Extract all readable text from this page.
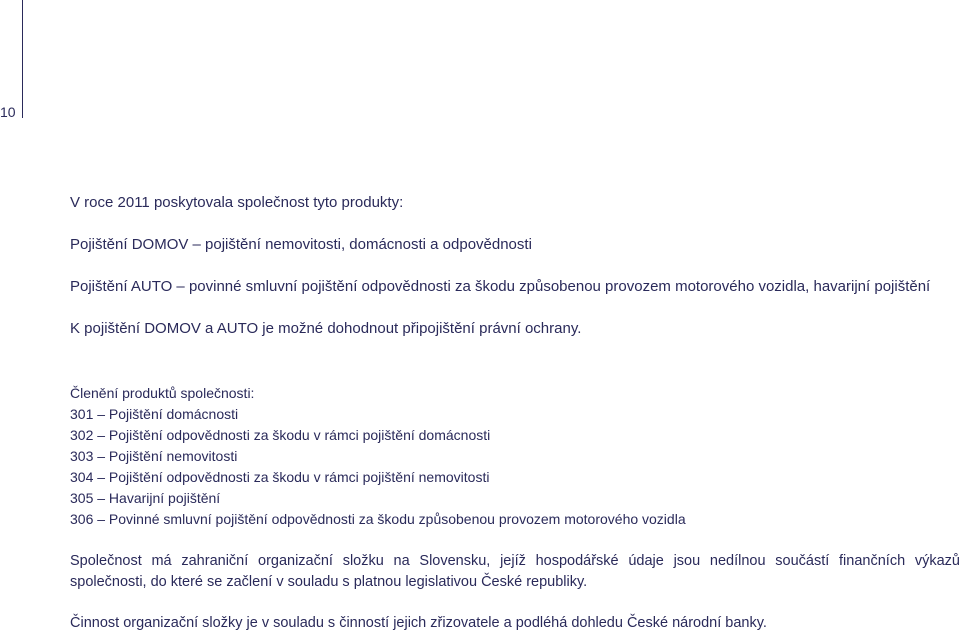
10
V roce 2011 poskytovala společnost tyto produkty:
Pojištění DOMOV – pojištění nemovitosti, domácnosti a odpovědnosti
Pojištění AUTO – povinné smluvní pojištění odpovědnosti za škodu způsobenou provozem motorového vozidla, havarijní pojištění
K pojištění DOMOV a AUTO je možné dohodnout připojištění právní ochrany.
Členění produktů společnosti:
301 – Pojištění domácnosti
302 – Pojištění odpovědnosti za škodu v rámci pojištění domácnosti
303 – Pojištění nemovitosti
304 – Pojištění odpovědnosti za škodu v rámci pojištění nemovitosti
305 – Havarijní pojištění
306 – Povinné smluvní pojištění odpovědnosti za škodu způsobenou provozem motorového vozidla
Společnost má zahraniční organizační složku na Slovensku, jejíž hospodářské údaje jsou nedílnou součástí finančních výkazů
společnosti, do které se začlení v souladu s platnou legislativou České republiky.
Činnost organizační složky je v souladu s činností jejich zřizovatele a podléhá dohledu České národní banky.
